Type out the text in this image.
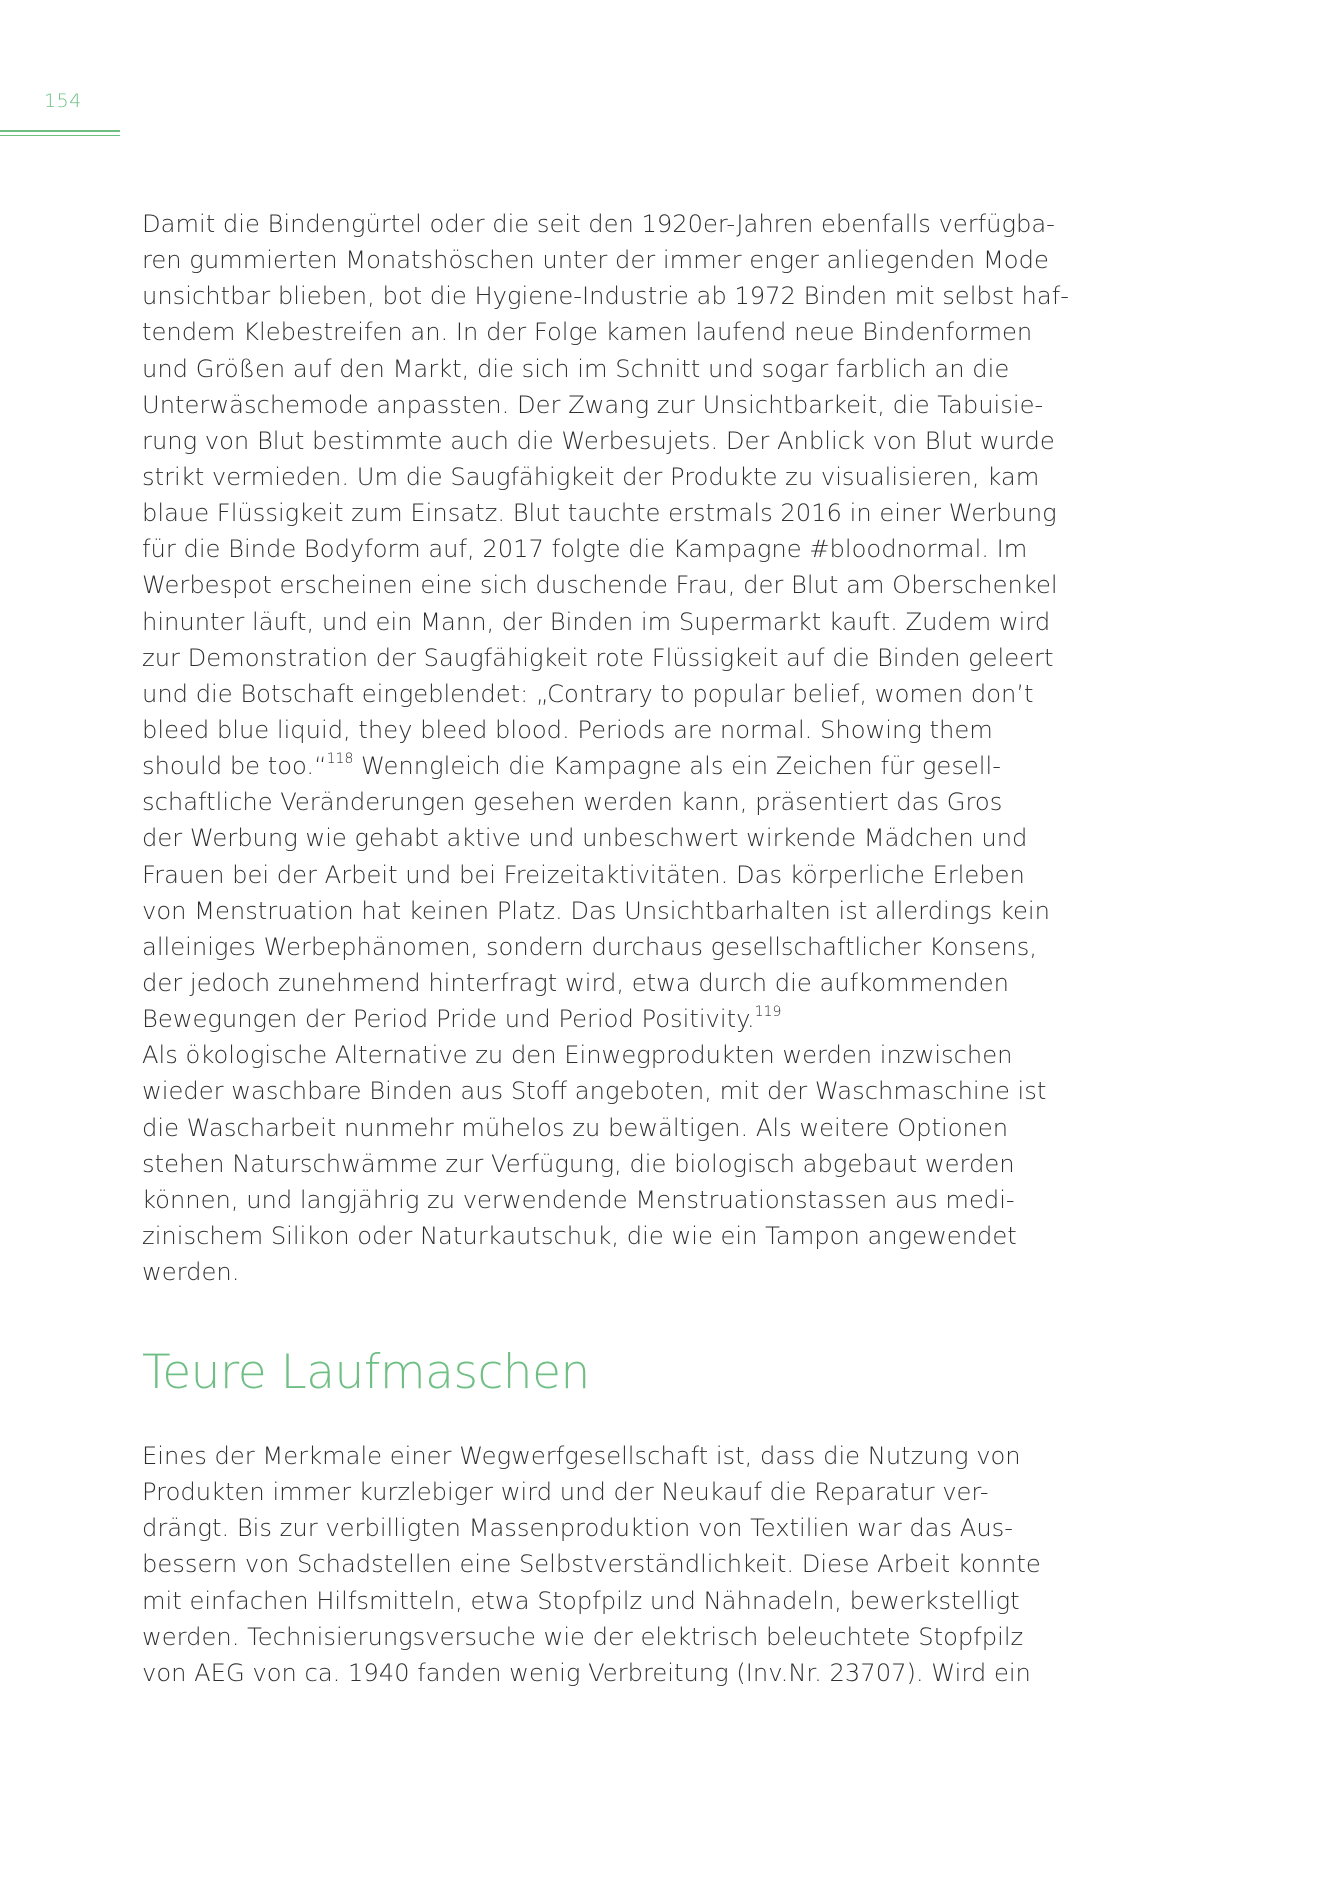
154
Damit die Bindengürtel oder die seit den 1920er-Jahren ebenfalls verfügba-
ren gummierten Monatshöschen unter der immer enger anliegenden Mode
unsichtbar blieben, bot die Hygiene-Industrie ab 1972 Binden mit selbst haf-
tendem Klebestreifen an. In der Folge kamen laufend neue Bindenformen
und Größen auf den Markt, die sich im Schnitt und sogar farblich an die
Unterwäschemode anpassten. Der Zwang zur Unsichtbarkeit, die Tabuisie-
rung von Blut bestimmte auch die Werbesujets. Der Anblick von Blut wurde
strikt vermieden. Um die Saugfähigkeit der Produkte zu visualisieren, kam
blaue Flüssigkeit zum Einsatz. Blut tauchte erstmals 2016 in einer Werbung
für die Binde Bodyform auf, 2017 folgte die Kampagne #bloodnormal. Im
Werbespot erscheinen eine sich duschende Frau, der Blut am Oberschenkel
hinunter läuft, und ein Mann, der Binden im Supermarkt kauft. Zudem wird
zur Demonstration der Saugfähigkeit rote Flüssigkeit auf die Binden geleert
und die Botschaft eingeblendet: „Contrary to popular belief, women don’t
bleed blue liquid, they bleed blood. Periods are normal. Showing them
should be too.“$^{118}$ Wenngleich die Kampagne als ein Zeichen für gesell-
schaftliche Veränderungen gesehen werden kann, präsentiert das Gros
der Werbung wie gehabt aktive und unbeschwert wirkende Mädchen und
Frauen bei der Arbeit und bei Freizeitaktivitäten. Das körperliche Erleben
von Menstruation hat keinen Platz. Das Unsichtbarhalten ist allerdings kein
alleiniges Werbephänomen, sondern durchaus gesellschaftlicher Konsens,
der jedoch zunehmend hinterfragt wird, etwa durch die aufkommenden
Bewegungen der Period Pride und Period Positivity.$^{119}$
Als ökologische Alternative zu den Einwegprodukten werden inzwischen
wieder waschbare Binden aus Stoff angeboten, mit der Waschmaschine ist
die Wascharbeit nunmehr mühelos zu bewältigen. Als weitere Optionen
stehen Naturschwämme zur Verfügung, die biologisch abgebaut werden
können, und langjährig zu verwendende Menstruationstassen aus medi-
zinischem Silikon oder Naturkautschuk, die wie ein Tampon angewendet
werden.
Teure Laufmaschen
Eines der Merkmale einer Wegwerfgesellschaft ist, dass die Nutzung von
Produkten immer kurzlebiger wird und der Neukauf die Reparatur ver-
drängt. Bis zur verbilligten Massenproduktion von Textilien war das Aus-
bessern von Schadstellen eine Selbstverständlichkeit. Diese Arbeit konnte
mit einfachen Hilfsmitteln, etwa Stopfpilz und Nähnadeln, bewerkstelligt
werden. Technisierungsversuche wie der elektrisch beleuchtete Stopfpilz
von AEG von ca. 1940 fanden wenig Verbreitung (Inv.Nr. 23707). Wird ein
